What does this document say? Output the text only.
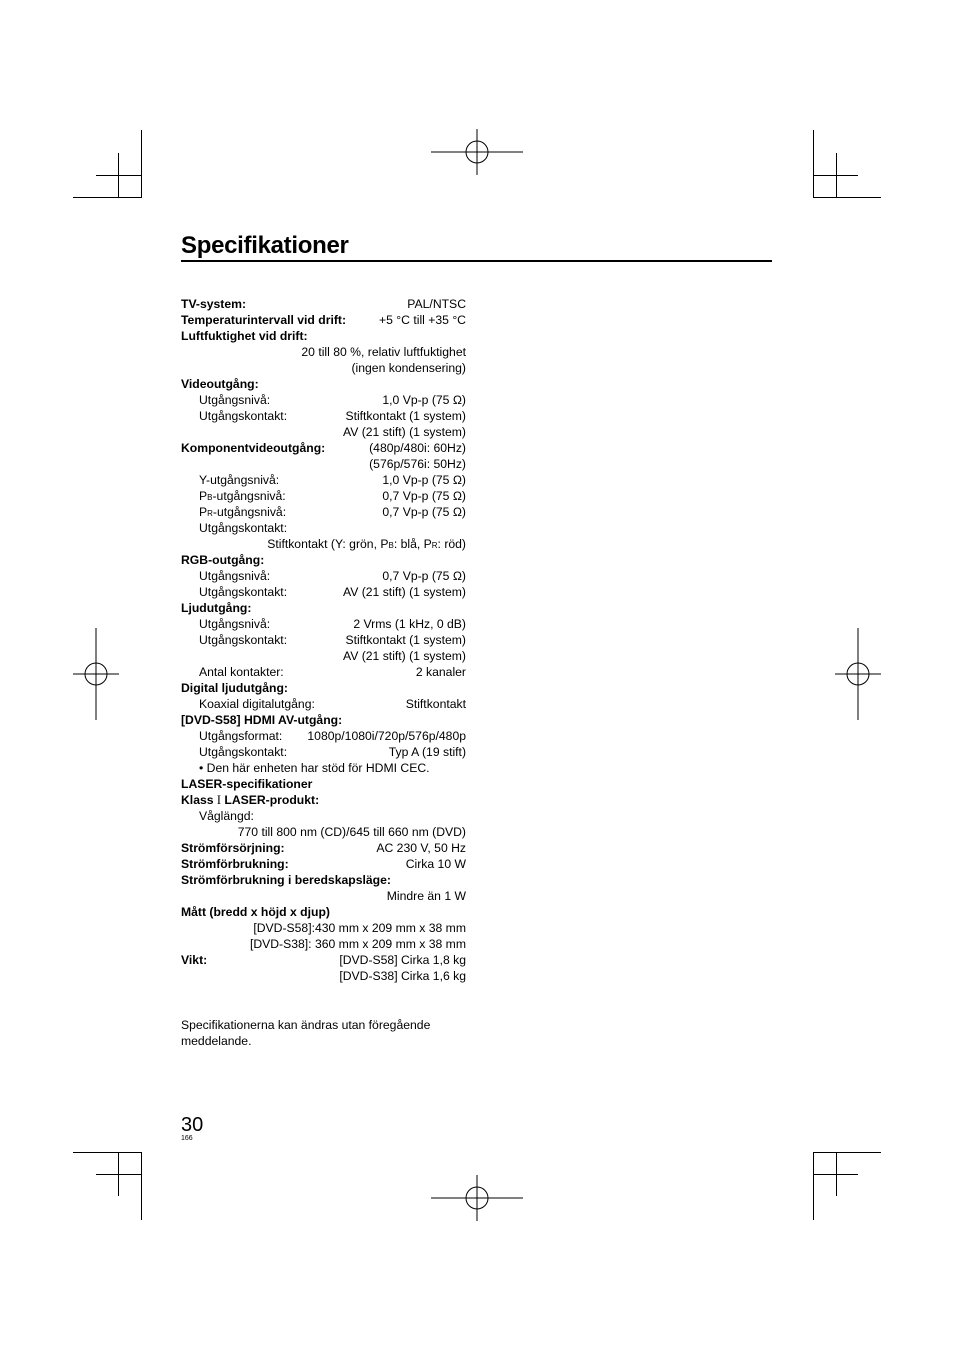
Specifikationer
TV-system:	PAL/NTSC
Temperaturintervall vid drift:	+5 °C till +35 °C
Luftfuktighet vid drift:
20 till 80 %, relativ luftfuktighet
(ingen kondensering)
Videoutgång:
Utgångsnivå:	1,0 Vp-p (75 Ω)
Utgångskontakt:	Stiftkontakt (1 system)
AV (21 stift) (1 system)
Komponentvideoutgång:	(480p/480i: 60Hz)
(576p/576i: 50Hz)
Y-utgångsnivå:	1,0 Vp-p (75 Ω)
PB-utgångsnivå:	0,7 Vp-p (75 Ω)
PR-utgångsnivå:	0,7 Vp-p (75 Ω)
Utgångskontakt:
Stiftkontakt (Y: grön, PB: blå, PR: röd)
RGB-outgång:
Utgångsnivå:	0,7 Vp-p (75 Ω)
Utgångskontakt:	AV (21 stift) (1 system)
Ljudutgång:
Utgångsnivå:	2 Vrms (1 kHz, 0 dB)
Utgångskontakt:	Stiftkontakt (1 system)
AV (21 stift) (1 system)
Antal kontakter:	2 kanaler
Digital ljudutgång:
Koaxial digitalutgång:	Stiftkontakt
[DVD-S58] HDMI AV-utgång:
Utgångsformat: 1080p/1080i/720p/576p/480p
Utgångskontakt:	Typ A (19 stift)
• Den här enheten har stöd för HDMI CEC.
LASER-specifikationer
Klass I LASER-produkt:
Våglängd:
770 till 800 nm (CD)/645 till 660 nm (DVD)
Strömförsörjning:	AC 230 V, 50 Hz
Strömförbrukning:	Cirka 10 W
Strömförbrukning i beredskapsläge:
Mindre än 1 W
Mått (bredd x höjd x djup)
[DVD-S58]:430 mm x 209 mm x 38 mm
[DVD-S38]: 360 mm x 209 mm x 38 mm
Vikt:	[DVD-S58] Cirka 1,8 kg
[DVD-S38] Cirka 1,6 kg
Specifikationerna kan ändras utan föregående meddelande.
30
166
